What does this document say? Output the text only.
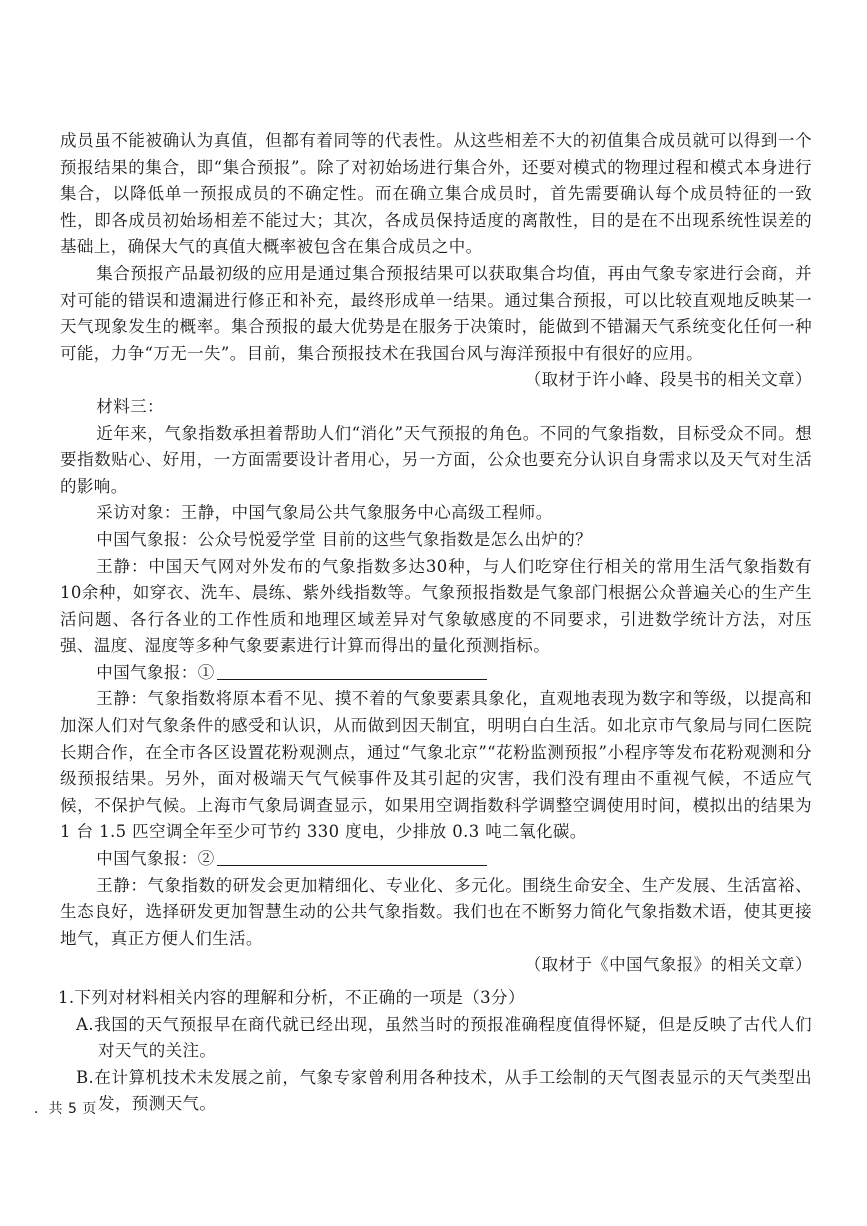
成员虽不能被确认为真值，但都有着同等的代表性。从这些相差不大的初值集合成员就可以得到一个预报结果的集合，即“集合预报”。除了对初始场进行集合外，还要对模式的物理过程和模式本身进行集合，以降低单一预报成员的不确定性。而在确立集合成员时，首先需要确认每个成员特征的一致性，即各成员初始场相差不能过大；其次，各成员保持适度的离散性，目的是在不出现系统性误差的基础上，确保大气的真值大概率被包含在集合成员之中。

集合预报产品最初级的应用是通过集合预报结果可以获取集合均值，再由气象专家进行会商，并对可能的错误和遗漏进行修正和补充，最终形成单一结果。通过集合预报，可以比较直观地反映某一天气现象发生的概率。集合预报的最大优势是在服务于决策时，能做到不错漏天气系统变化任何一种可能，力争“万无一失”。目前，集合预报技术在我国台风与海洋预报中有很好的应用。

（取材于许小峰、段昊书的相关文章）

材料三：

近年来，气象指数承担着帮助人们“消化”天气预报的角色。不同的气象指数，目标受众不同。想要指数贴心、好用，一方面需要设计者用心，另一方面，公众也要充分认识自身需求以及天气对生活的影响。

采访对象：王静，中国气象局公共气象服务中心高级工程师。

中国气象报：公众号悦爱学堂 目前的这些气象指数是怎么出炉的？

王静：中国天气网对外发布的气象指数多达30种，与人们吃穿住行相关的常用生活气象指数有10余种，如穿衣、洗车、晨练、紫外线指数等。气象预报指数是气象部门根据公众普遍关心的生产生活问题、各行各业的工作性质和地理区域差异对气象敏感度的不同要求，引进数学统计方法，对压强、温度、湿度等多种气象要素进行计算而得出的量化预测指标。

中国气象报：①

王静：气象指数将原本看不见、摸不着的气象要素具象化，直观地表现为数字和等级，以提高和加深人们对气象条件的感受和认识，从而做到因天制宜，明明白白生活。如北京市气象局与同仁医院长期合作，在全市各区设置花粉观测点，通过“气象北京”“花粉监测预报”小程序等发布花粉观测和分级预报结果。另外，面对极端天气气候事件及其引起的灾害，我们没有理由不重视气候，不适应气候，不保护气候。上海市气象局调查显示，如果用空调指数科学调整空调使用时间，模拟出的结果为 1 台 1.5 匹空调全年至少可节约 330 度电，少排放 0.3 吨二氧化碳。

中国气象报：②

王静：气象指数的研发会更加精细化、专业化、多元化。围绕生命安全、生产发展、生活富裕、生态良好，选择研发更加智慧生动的公共气象指数。我们也在不断努力简化气象指数术语，使其更接地气，真正方便人们生活。

（取材于《中国气象报》的相关文章）

1.下列对材料相关内容的理解和分析，不正确的一项是（3分）

A.我国的天气预报早在商代就已经出现，虽然当时的预报准确程度值得怀疑，但是反映了古代人们对天气的关注。

B.在计算机技术未发展之前，气象专家曾利用各种技术，从手工绘制的天气图表显示的天气类型出发，预测天气。

．共 5 页
